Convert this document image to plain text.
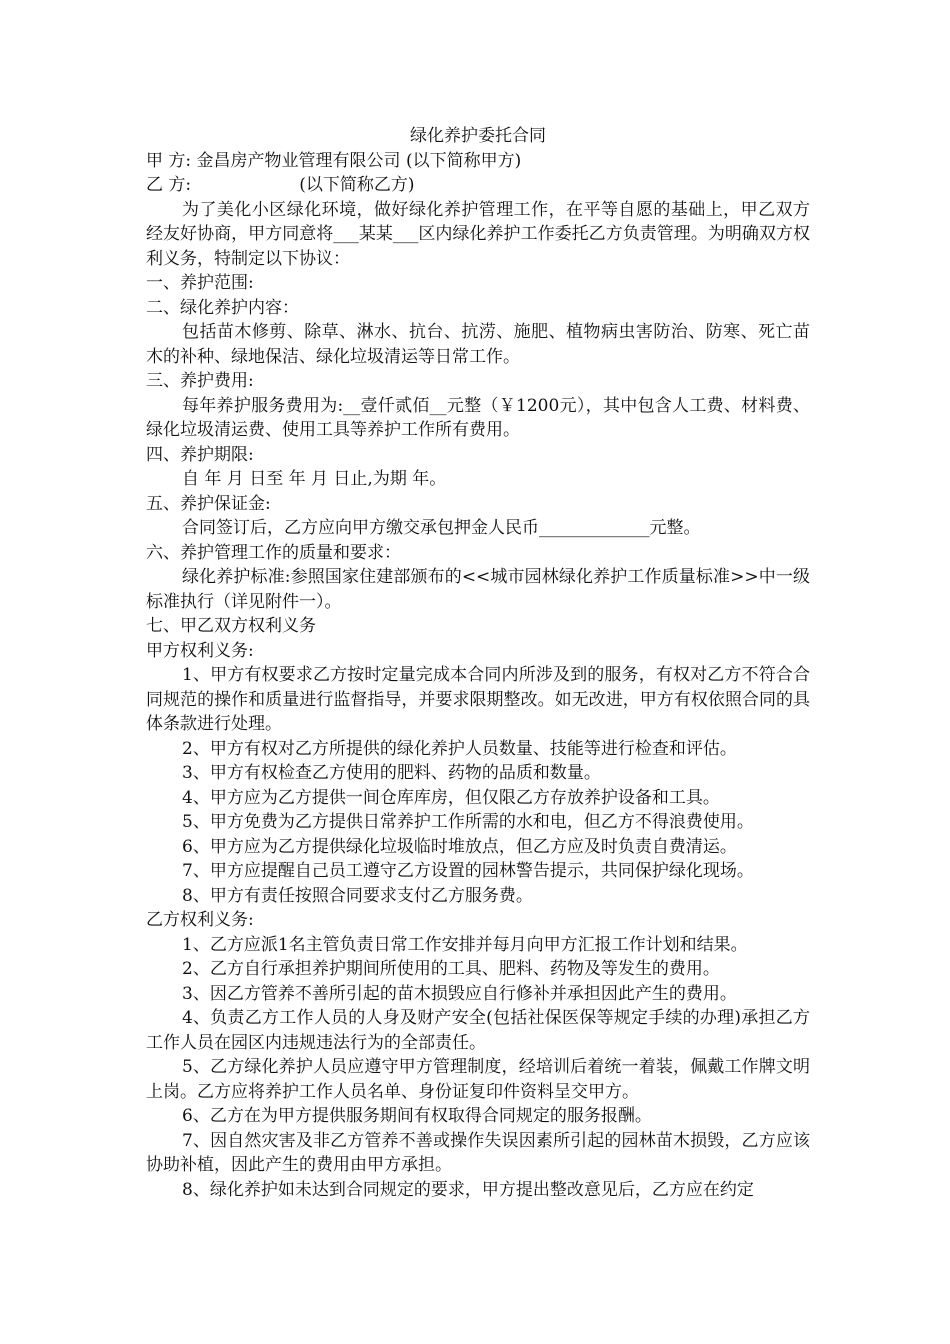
绿化养护委托合同

甲 方: 金昌房产物业管理有限公司 (以下简称甲方)

乙 方:                    (以下简称乙方)

为了美化小区绿化环境，做好绿化养护管理工作，在平等自愿的基础上，甲乙双方经友好协商，甲方同意将___某某___区内绿化养护工作委托乙方负责管理。为明确双方权利义务，特制定以下协议：

一、养护范围:

二、绿化养护内容：

包括苗木修剪、除草、淋水、抗台、抗涝、施肥、植物病虫害防治、防寒、死亡苗木的补种、绿地保洁、绿化垃圾清运等日常工作。

三、养护费用:

每年养护服务费用为:__壹仟贰佰__元整（￥1200元），其中包含人工费、材料费、绿化垃圾清运费、使用工具等养护工作所有费用。

四、养护期限:

自 年 月 日至 年 月 日止,为期 年。

五、养护保证金:

合同签订后，乙方应向甲方缴交承包押金人民币_____________元整。

六、养护管理工作的质量和要求：

绿化养护标准:参照国家住建部颁布的<<城市园林绿化养护工作质量标准>>中一级标准执行（详见附件一）。

七、甲乙双方权利义务

甲方权利义务:

1、甲方有权要求乙方按时定量完成本合同内所涉及到的服务，有权对乙方不符合合同规范的操作和质量进行监督指导，并要求限期整改。如无改进，甲方有权依照合同的具体条款进行处理。

2、甲方有权对乙方所提供的绿化养护人员数量、技能等进行检查和评估。

3、甲方有权检查乙方使用的肥料、药物的品质和数量。

4、甲方应为乙方提供一间仓库库房，但仅限乙方存放养护设备和工具。

5、甲方免费为乙方提供日常养护工作所需的水和电，但乙方不得浪费使用。

6、甲方应为乙方提供绿化垃圾临时堆放点，但乙方应及时负责自费清运。

7、甲方应提醒自己员工遵守乙方设置的园林警告提示，共同保护绿化现场。

8、甲方有责任按照合同要求支付乙方服务费。

乙方权利义务:

1、乙方应派1名主管负责日常工作安排并每月向甲方汇报工作计划和结果。

2、乙方自行承担养护期间所使用的工具、肥料、药物及等发生的费用。

3、因乙方管养不善所引起的苗木损毁应自行修补并承担因此产生的费用。

4、负责乙方工作人员的人身及财产安全(包括社保医保等规定手续的办理)承担乙方工作人员在园区内违规违法行为的全部责任。

5、乙方绿化养护人员应遵守甲方管理制度，经培训后着统一着装，佩戴工作牌文明上岗。乙方应将养护工作人员名单、身份证复印件资料呈交甲方。

6、乙方在为甲方提供服务期间有权取得合同规定的服务报酬。

7、因自然灾害及非乙方管养不善或操作失误因素所引起的园林苗木损毁，乙方应该协助补植，因此产生的费用由甲方承担。

8、绿化养护如未达到合同规定的要求，甲方提出整改意见后，乙方应在约定
